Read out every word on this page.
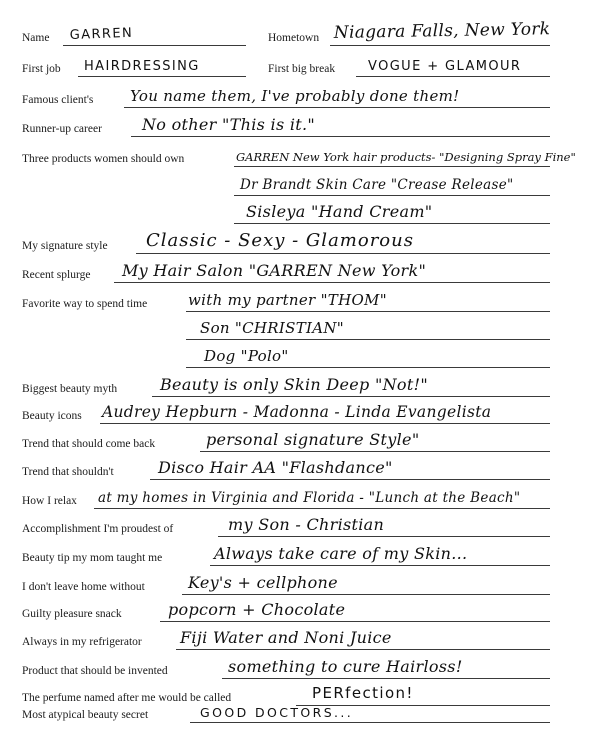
Name GARREN	Hometown Niagara Falls, New York
First job HAIRDRESSING	First big break	VOGUE + GLAMOUR
Famous client's You name them, I've probably done them!
Runner-up career	No other "This is it."
Three products women should own	GARREN New York hair products- "Designing Spray Fine"
Dr Brandt Skin Care "Crease Release"
Sisleya "Hand Cream"
My signature style Classic - Sexy - Glamorous
Recent splurge My Hair Salon "GARREN New York"
Favorite way to spend time	with my partner "THOM"
Son "CHRISTIAN"
Dog "Polo"
Biggest beauty myth	Beauty is only Skin Deep "Not!"
Beauty icons Audrey Hepburn - Madonna - Linda Evangelista
Trend that should come back	personal signature Style"
Trend that shouldn't	Disco Hair AA "Flashdance"
How I relax at my homes in Virginia and Florida - "Lunch at the Beach"
Accomplishment I'm proudest of	my Son - Christian
Beauty tip my mom taught me	Always take care of my Skin...
I don't leave home without	Key's + cellphone
Guilty pleasure snack	popcorn + Chocolate
Always in my refrigerator Fiji Water and Noni Juice
Product that should be invented	something to cure Hairloss!
The perfume named after me would be called	PERfection!
Most atypical beauty secret	GOOD DOCTORS...
